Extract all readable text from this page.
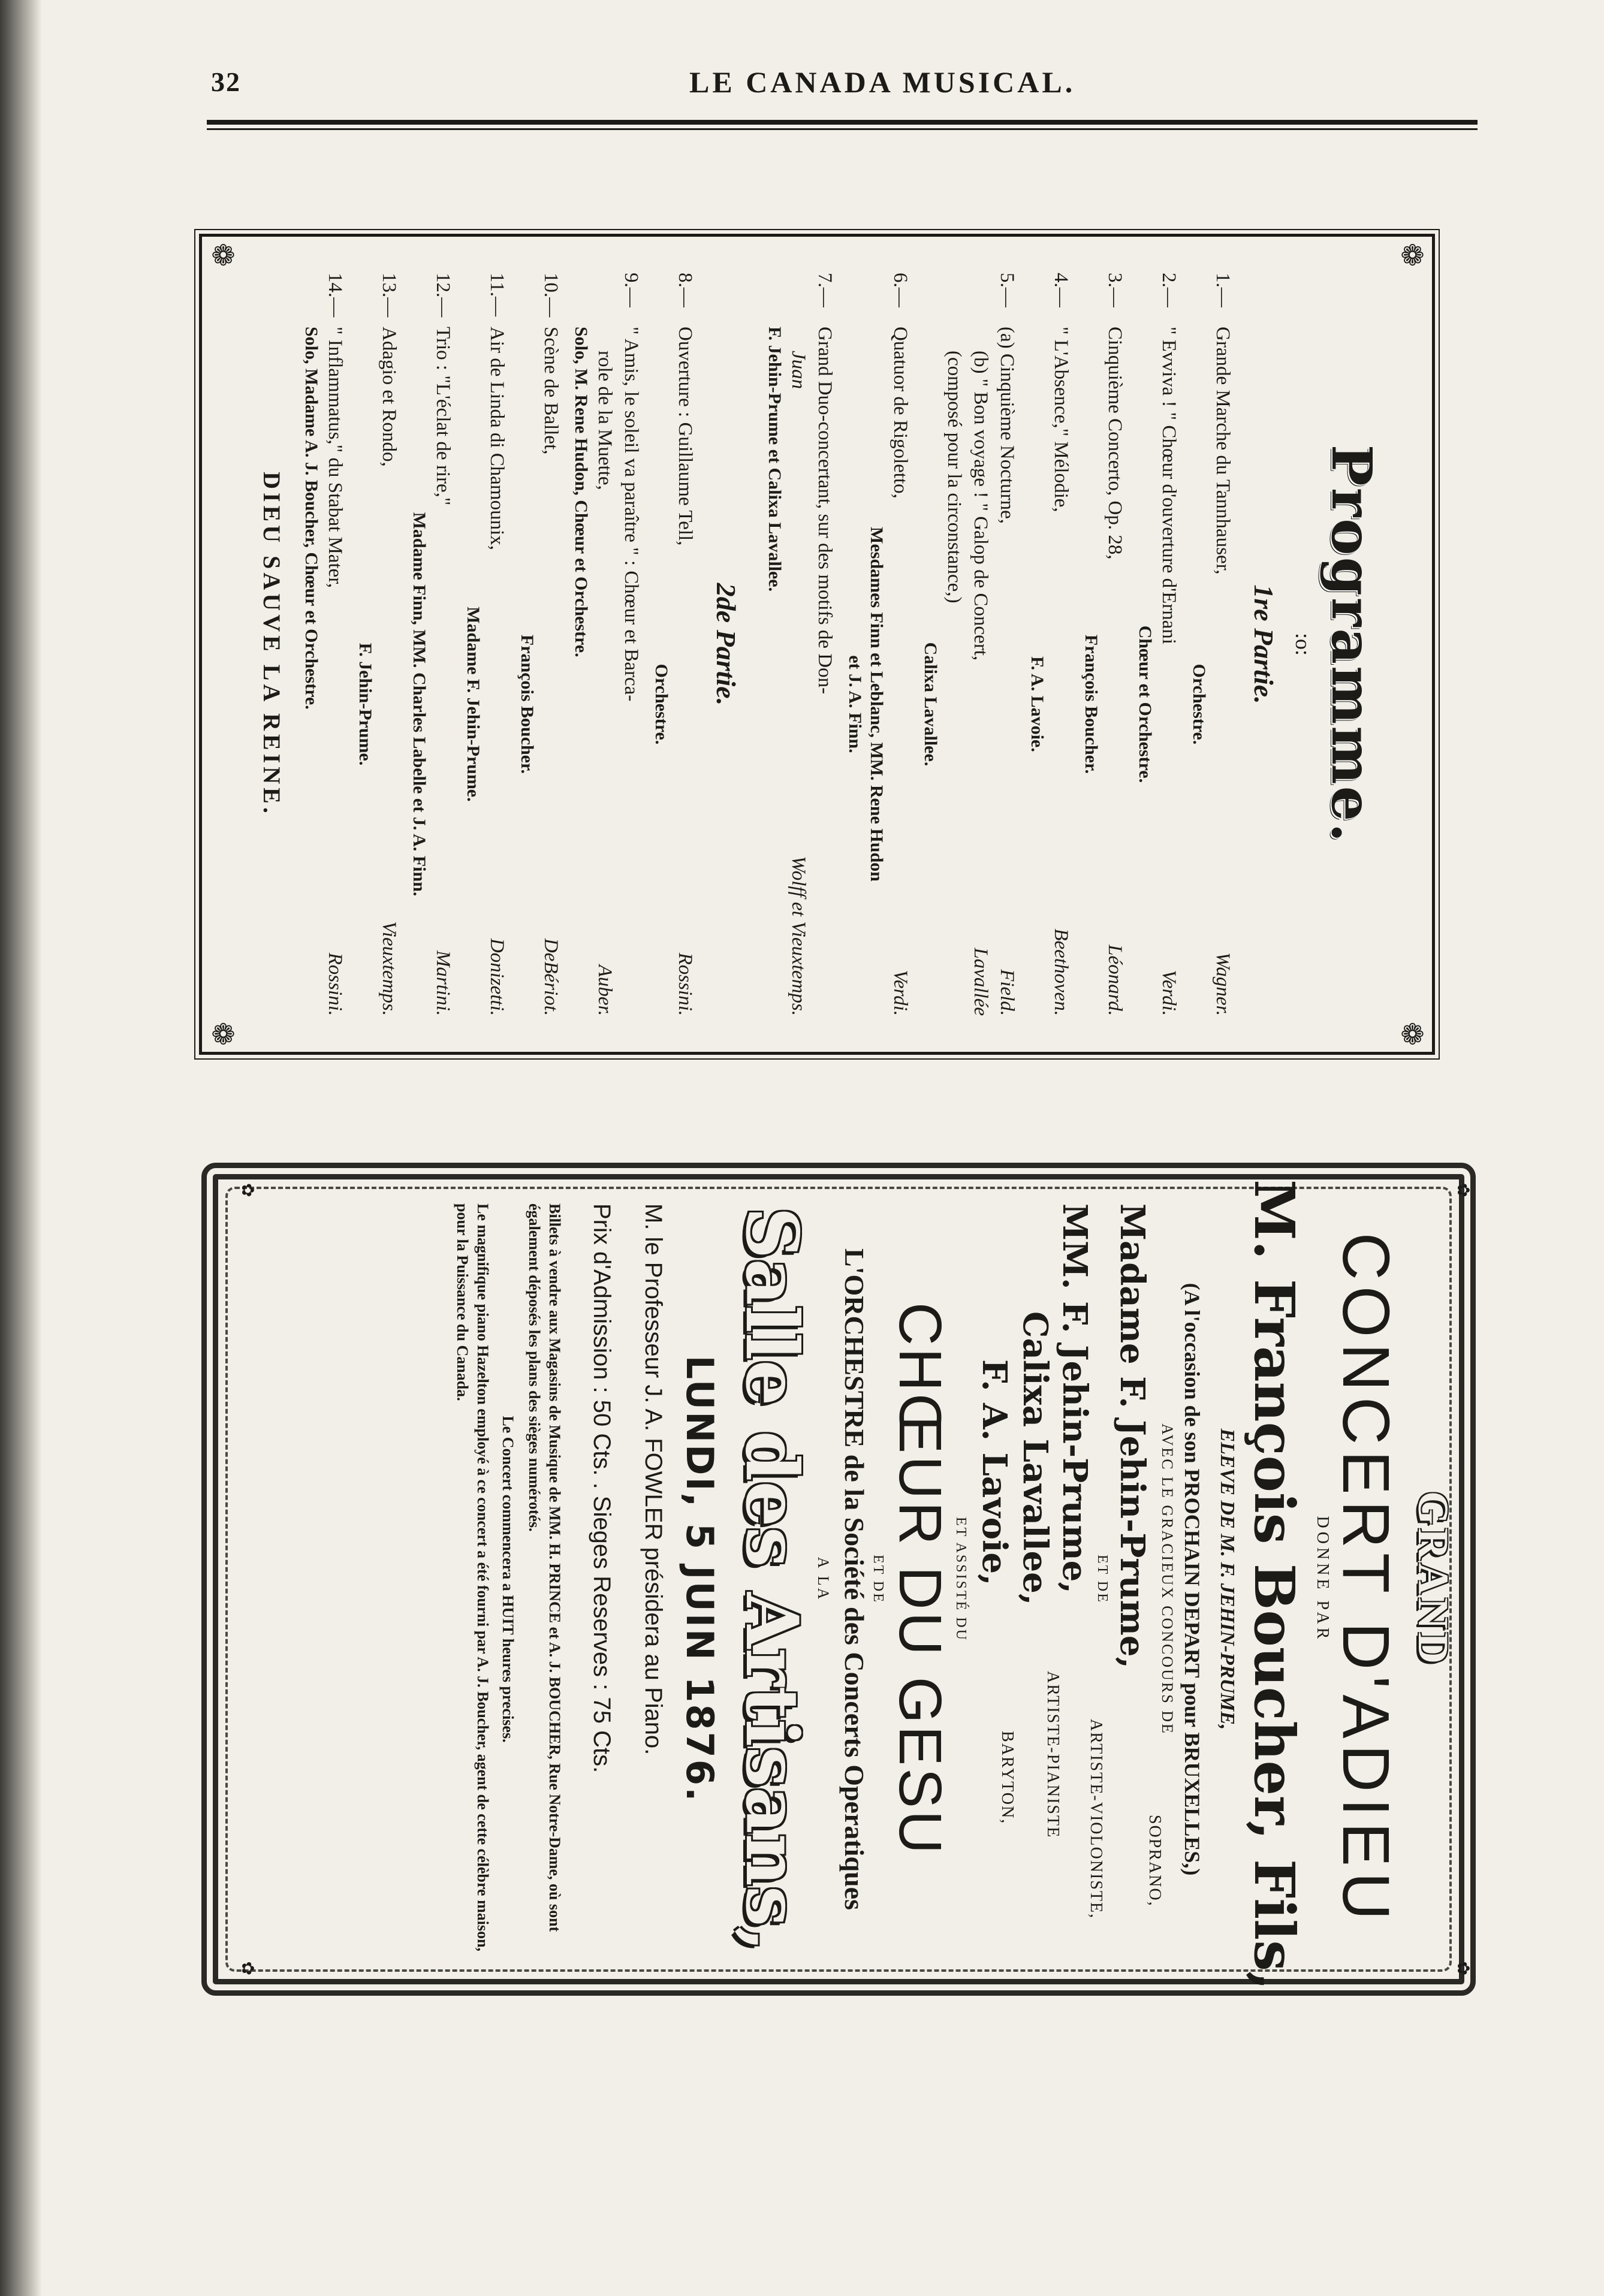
32	LE CANADA MUSICAL.
❁
❁
❁
❁
Programme.
:o:
1re Partie.
1.—Grande Marche du Tannhauser,
Wagner.
Orchestre.
2.—" Evviva ! " Chœur d'ouverture d'Ernani
Verdi.
Chœur et Orchestre.
3.—Cinquième Concerto, Op. 28,
Léonard.
François Boucher.
4.—" L'Absence," Mélodie,
Beethoven.
F. A. Lavoie.
5.—(a) Cinquième Nocturne,
Field.
(b) " Bon voyage ! " Galop de Concert,
Lavallée
(composé pour la circonstance,)
Calixa Lavallee.
6.—Quatuor de Rigoletto,
Verdi.
Mesdames Finn et Leblanc, MM. Rene Hudon
et J. A. Finn.
7.—Grand Duo-concertant, sur des motifs de Don-
Juan
Wolff et Vieuxtemps.
F. Jehin-Prume et Calixa Lavallee.
2de Partie.
8.—Ouverture : Guillaume Tell,
Rossini.
Orchestre.
9.—" Amis, le soleil va paraître " : Chœur et Barca-
role de la Muette,
Auber.
Solo, M. Rene Hudon, Chœur et Orchestre.
10.—Scène de Ballet,
DeBériot.
François Boucher.
11.—Air de Linda di Chamounix,
Donizetti.
Madame F. Jehin-Prume.
12.—Trio : "L'éclat de rire,"
Martini.
Madame Finn, MM. Charles Labelle et J. A. Finn.
13.—Adagio et Rondo,
Vieuxtemps.
F. Jehin-Prume.
14.—" Inflammatus," du Stabat Mater,
Rossini.
Solo, Madame A. J. Boucher, Chœur et Orchestre.
DIEU SAUVE LA REINE.
✿
✿
✿
✿
GRAND
CONCERT D'ADIEU
DONNE PAR
M. François Boucher, Fils,
ELEVE DE M. F. JEHIN-PRUME,
(A l'occasion de son PROCHAIN DEPART pour BRUXELLES,)
AVEC LE GRACIEUX CONCOURS DE
Madame F. Jehin-Prume,
SOPRANO,
ET DE
MM. F. Jehin-Prume,
ARTISTE-VIOLONISTE,
Calixa Lavallee,
ARTISTE-PIANISTE
F. A. Lavoie,
BARYTON,
ET ASSISTÉ DU
CHŒUR DU GESU
ET DE
L'ORCHESTRE de la Société des Concerts Operatiques
A LA
Salle des Artisans,
LUNDI, 5 JUIN 1876.
M. le Professeur J. A. FOWLER présidera au Piano.
Prix d'Admission : 50 Cts. . Sieges Reserves : 75 Cts.
Billets à vendre aux Magasins de Musique de MM. H. PRINCE et A. J. BOUCHER, Rue Notre-Dame, où sont également déposés les plans des sièges numérotés.
Le Concert commencera a HUIT heures precises.
Le magnifique piano Hazelton employé à ce concert a été fourni par A. J. Boucher, agent de cette célèbre maison, pour la Puissance du Canada.
